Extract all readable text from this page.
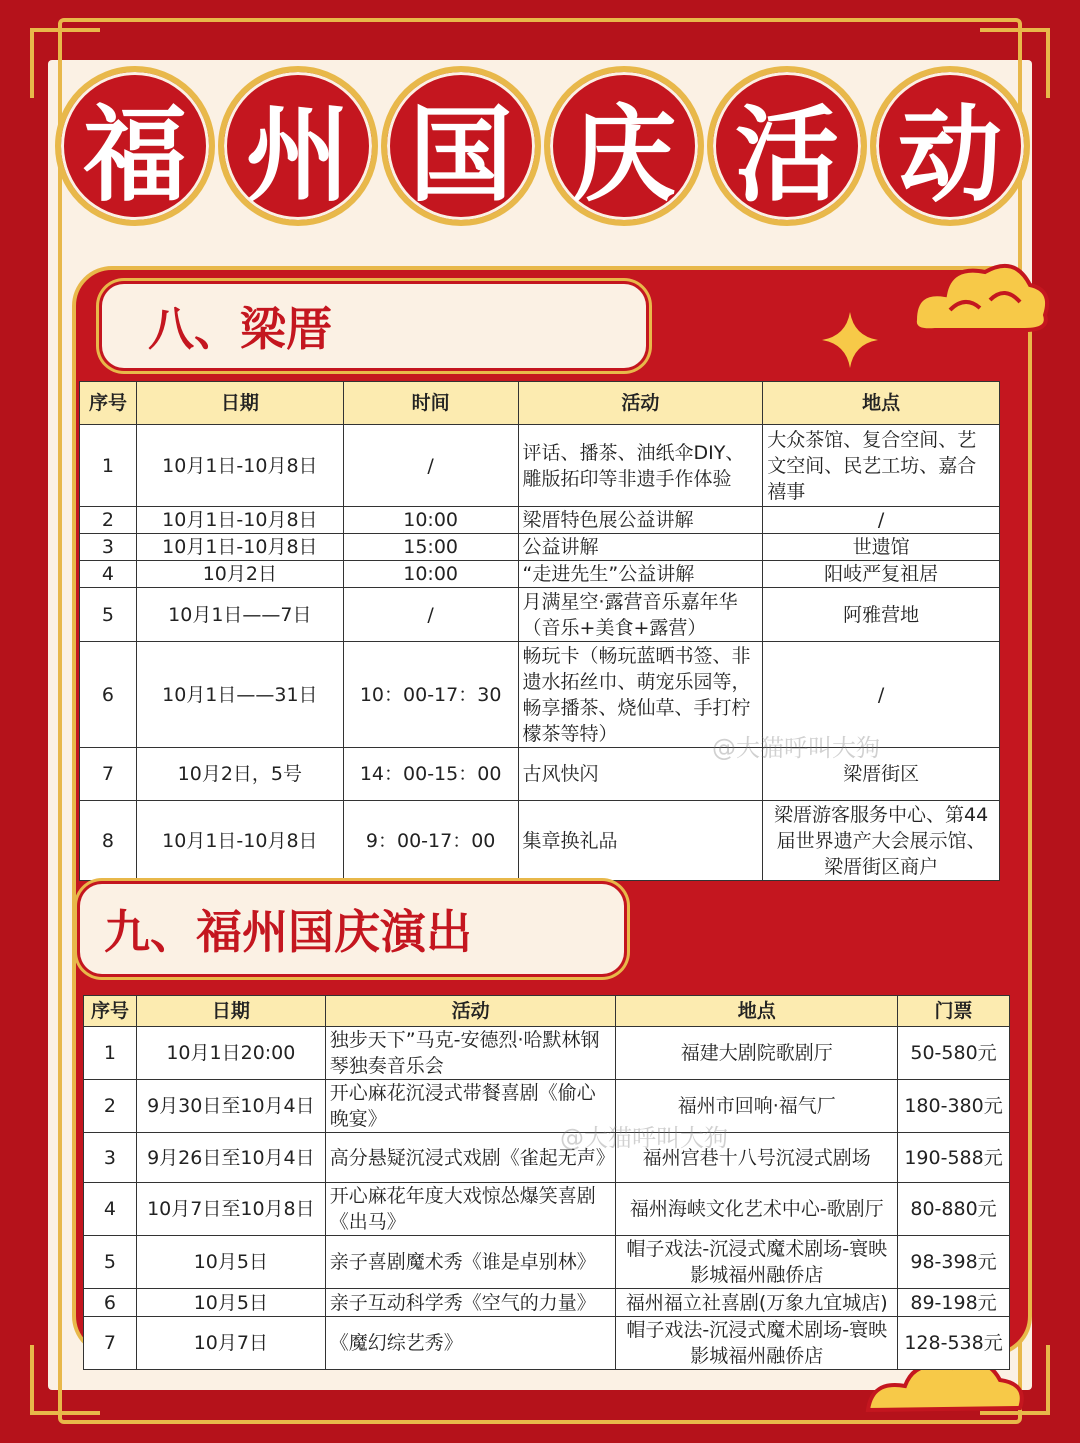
福 州 国 庆 活 动
八、梁厝
序号	日期	时间	活动	地点
1	10月1日-10月8日	/	评话、播茶、油纸伞DIY、雕版拓印等非遗手作体验	大众茶馆、复合空间、艺文空间、民艺工坊、嘉合禧事
2	10月1日-10月8日	10:00	梁厝特色展公益讲解	/
3	10月1日-10月8日	15:00	公益讲解	世遗馆
4	10月2日	10:00	“走进先生”公益讲解	阳岐严复祖居
5	10月1日——7日	/	月满星空·露营音乐嘉年华（音乐+美食+露营）	阿雅营地
6	10月1日——31日	10：00-17：30	畅玩卡（畅玩蓝晒书签、非遗水拓丝巾、萌宠乐园等，畅享播茶、烧仙草、手打柠檬茶等特）	/
7	10月2日，5号	14：00-15：00	古风快闪	梁厝街区
8	10月1日-10月8日	9：00-17：00	集章换礼品	梁厝游客服务中心、第44届世界遗产大会展示馆、梁厝街区商户
九、福州国庆演出
序号	日期	活动	地点	门票
1	10月1日20:00	独步天下”马克-安德烈·哈默林钢琴独奏音乐会	福建大剧院歌剧厅	50-580元
2	9月30日至10月4日	开心麻花沉浸式带餐喜剧《偷心晚宴》	福州市回响·福气厂	180-380元
3	9月26日至10月4日	高分悬疑沉浸式戏剧《雀起无声》	福州宫巷十八号沉浸式剧场	190-588元
4	10月7日至10月8日	开心麻花年度大戏惊怂爆笑喜剧《出马》	福州海峡文化艺术中心-歌剧厅	80-880元
5	10月5日	亲子喜剧魔术秀《谁是卓别林》	帽子戏法-沉浸式魔术剧场-寰映影城福州融侨店	98-398元
6	10月5日	亲子互动科学秀《空气的力量》	福州福立社喜剧(万象九宜城店)	89-198元
7	10月7日	《魔幻综艺秀》	帽子戏法-沉浸式魔术剧场-寰映影城福州融侨店	128-538元
@大猫呼叫大狗
@大猫呼叫大狗
